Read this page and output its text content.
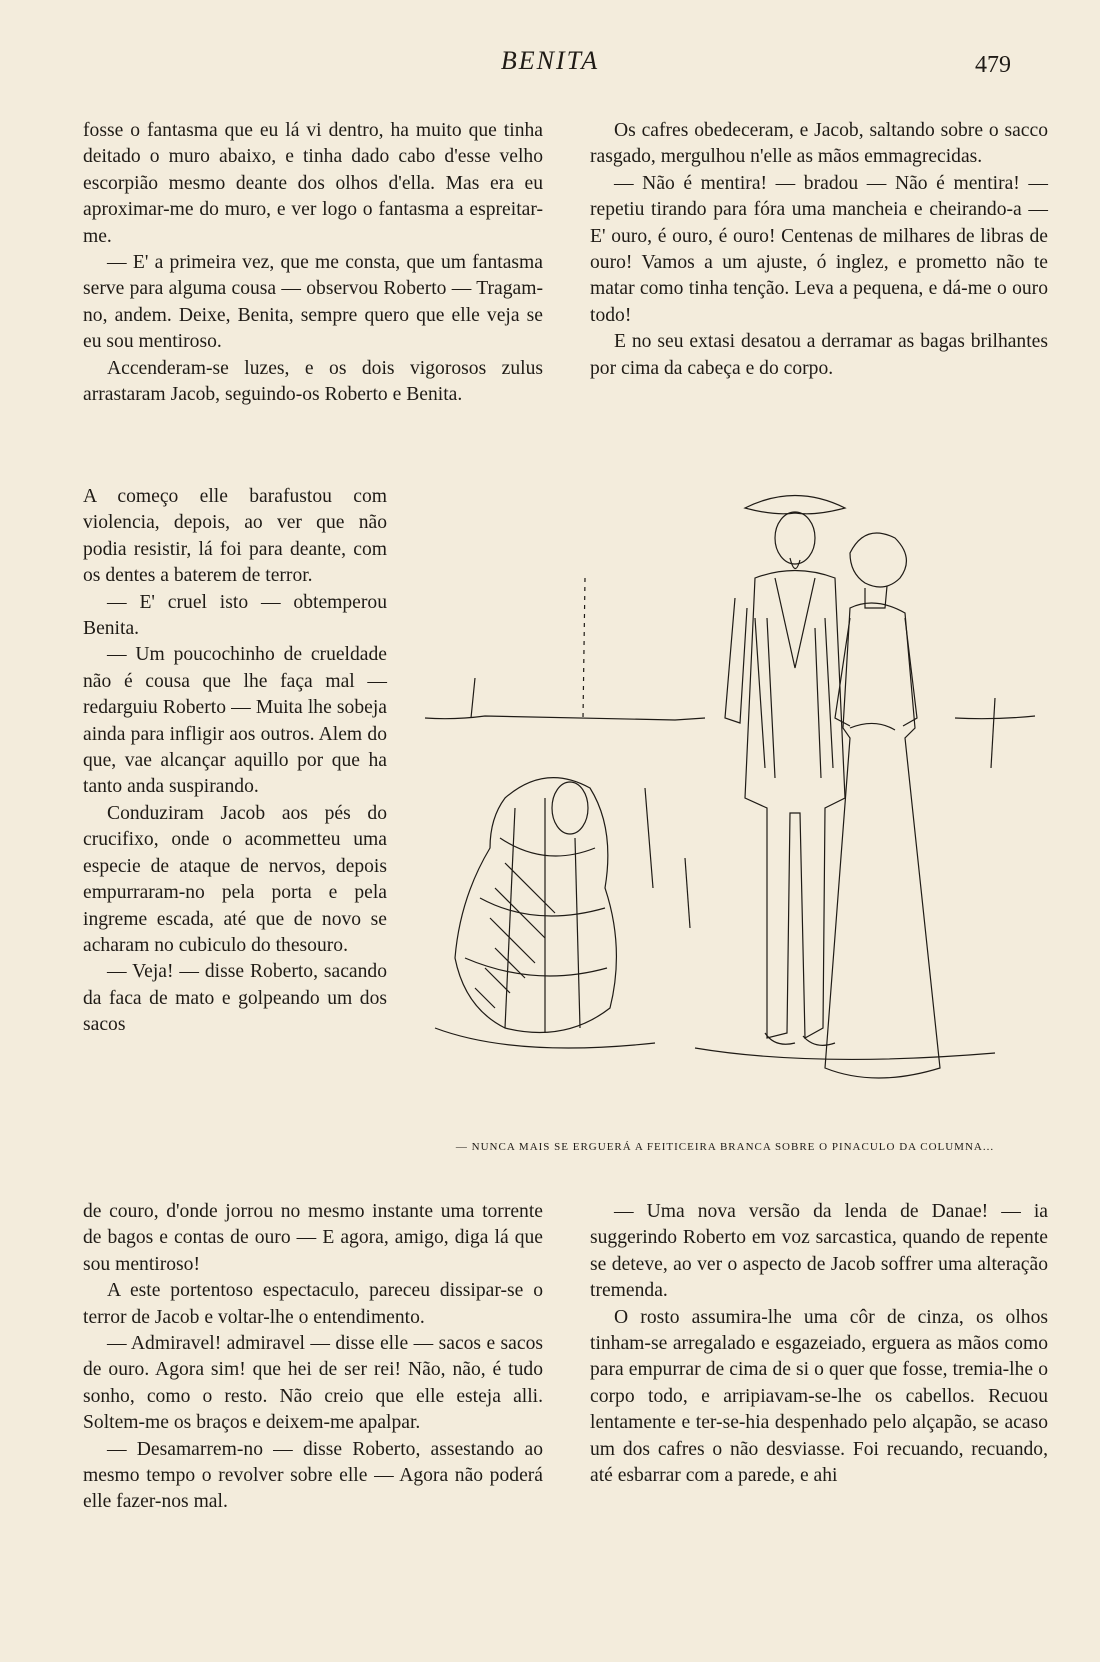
BENITA	479

fosse o fantasma que eu lá vi dentro, ha muito que tinha deitado o muro abaixo, e tinha dado cabo d'esse velho escorpião mesmo deante dos olhos d'ella. Mas era eu aproximar-me do muro, e ver logo o fantasma a espreitar-me.

— E' a primeira vez, que me consta, que um fantasma serve para alguma cousa — observou Roberto — Tragam-no, andem. Deixe, Benita, sempre quero que elle veja se eu sou mentiroso.

Accenderam-se luzes, e os dois vigorosos zulus arrastaram Jacob, seguindo-os Roberto e Benita.

A começo elle barafustou com violencia, depois, ao ver que não podia resistir, lá foi para deante, com os dentes a baterem de terror.

— E' cruel isto — obtemperou Benita.

— Um poucochinho de crueldade não é cousa que lhe faça mal — redarguiu Roberto — Muita lhe sobeja ainda para infligir aos outros. Alem do que, vae alcançar aquillo por que ha tanto anda suspirando.

Conduziram Jacob aos pés do crucifixo, onde o acommetteu uma especie de ataque de nervos, depois empurraram-no pela porta e pela ingreme escada, até que de novo se acharam no cubiculo do thesouro.

— Veja! — disse Roberto, sacando da faca de mato e golpeando um dos sacos

de couro, d'onde jorrou no mesmo instante uma torrente de bagos e contas de ouro — E agora, amigo, diga lá que sou mentiroso!

A este portentoso espectaculo, pareceu dissipar-se o terror de Jacob e voltar-lhe o entendimento.

— Admiravel! admiravel — disse elle — sacos e sacos de ouro. Agora sim! que hei de ser rei! Não, não, é tudo sonho, como o resto. Não creio que elle esteja alli. Soltem-me os braços e deixem-me apalpar.

— Desamarrem-no — disse Roberto, assestando ao mesmo tempo o revolver sobre elle — Agora não poderá elle fazer-nos mal.

Os cafres obedeceram, e Jacob, saltando sobre o sacco rasgado, mergulhou n'elle as mãos emmagrecidas.

— Não é mentira! — bradou — Não é mentira! — repetiu tirando para fóra uma mancheia e cheirando-a — E' ouro, é ouro, é ouro! Centenas de milhares de libras de ouro! Vamos a um ajuste, ó inglez, e prometto não te matar como tinha tenção. Leva a pequena, e dá-me o ouro todo!

E no seu extasi desatou a derramar as bagas brilhantes por cima da cabeça e do corpo.

— NUNCA MAIS SE ERGUERÁ A FEITICEIRA BRANCA SOBRE O PINACULO DA COLUMNA...

— Uma nova versão da lenda de Danae! — ia suggerindo Roberto em voz sarcastica, quando de repente se deteve, ao ver o aspecto de Jacob soffrer uma alteração tremenda.

O rosto assumira-lhe uma côr de cinza, os olhos tinham-se arregalado e esgazeiado, erguera as mãos como para empurrar de cima de si o quer que fosse, tremia-lhe o corpo todo, e arripiavam-se-lhe os cabellos. Recuou lentamente e ter-se-hia despenhado pelo alçapão, se acaso um dos cafres o não desviasse. Foi recuando, recuando, até esbarrar com a parede, e ahi
